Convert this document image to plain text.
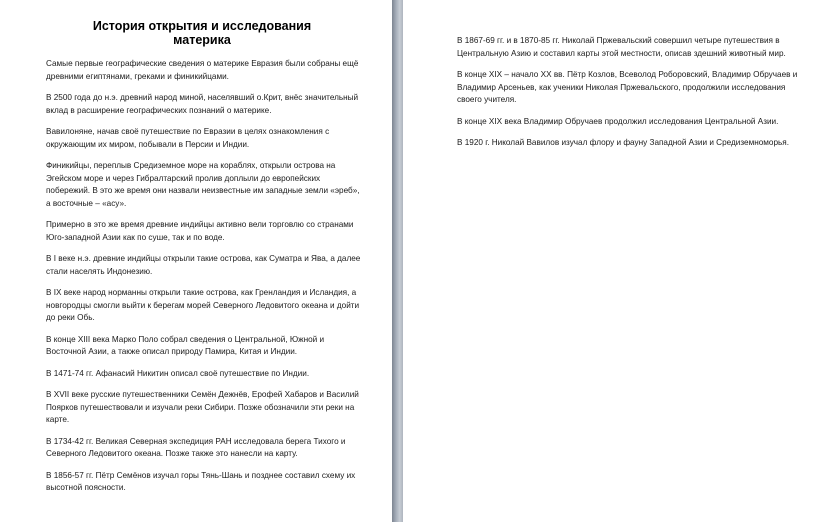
История открытия и исследования
материка

Самые первые географические сведения о материке Евразия были собраны ещё древними египтянами, греками и финикийцами.

В 2500 года до н.э. древний народ миной, населявший о.Крит, внёс значительный вклад в расширение географических познаний о материке.

Вавилоняне, начав своё путешествие по Евразии в целях ознакомления с окружающим их миром, побывали в Персии и Индии.

Финикийцы, переплыв Средиземное море на кораблях, открыли острова на Эгейском море и через Гибралтарский пролив доплыли до европейских побережий. В это же время они назвали неизвестные им западные земли «эреб», а восточные – «асу».

Примерно в это же время древние индийцы активно вели торговлю со странами Юго-западной Азии как по суше, так и по воде.

В I веке н.э. древние индийцы открыли такие острова, как Суматра и Ява, а далее стали населять Индонезию.

В IX веке народ норманны открыли такие острова, как Гренландия и Исландия, а новгородцы смогли выйти к берегам морей Северного Ледовитого океана и дойти до реки Обь.

В конце XIII века Марко Поло собрал сведения о Центральной, Южной и Восточной Азии, а также описал природу Памира, Китая и Индии.

В 1471-74 гг. Афанасий Никитин описал своё путешествие по Индии.

В XVII веке русские путешественники Семён Дежнёв, Ерофей Хабаров и Василий Поярков путешествовали и изучали реки Сибири. Позже обозначили эти реки на карте.

В 1734-42 гг. Великая Северная экспедиция РАН исследовала берега Тихого и Северного Ледовитого океана. Позже также это нанесли на карту.

В 1856-57 гг. Пётр Семёнов изучал горы Тянь-Шань и позднее составил схему их высотной поясности.

В 1867-69 гг. и в 1870-85 гг. Николай Пржевальский совершил четыре путешествия в Центральную Азию и составил карты этой местности, описав здешний животный мир.

В конце XIX – начало XX вв. Пётр Козлов, Всеволод Роборовский, Владимир Обручаев и Владимир Арсеньев, как ученики Николая Пржевальского, продолжили исследования своего учителя.

В конце XIX века Владимир Обручаев продолжил исследования Центральной Азии.

В 1920 г. Николай Вавилов изучал флору и фауну Западной Азии и Средиземноморья.
